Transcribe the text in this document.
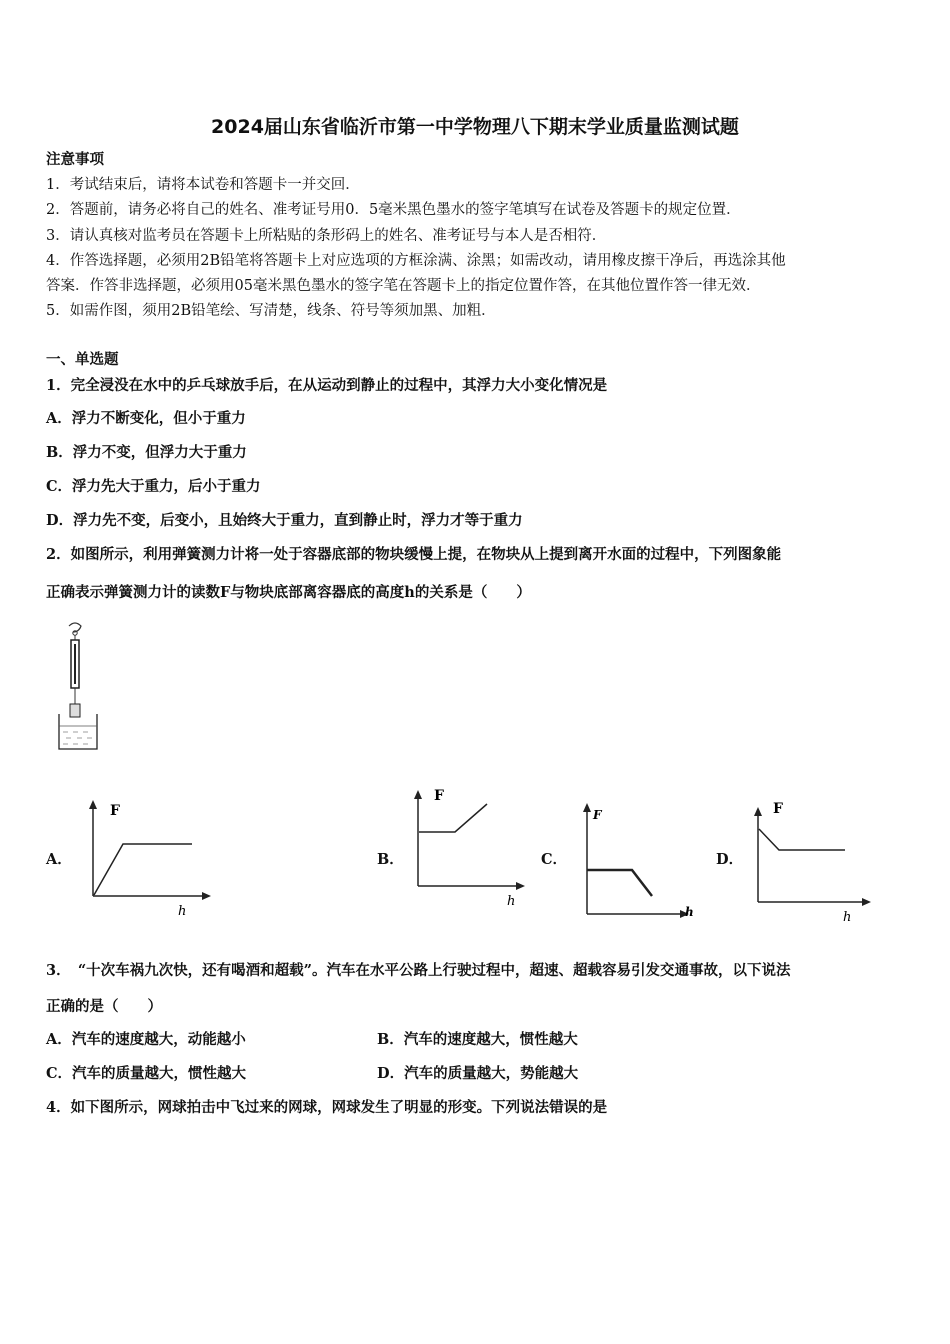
2024届山东省临沂市第一中学物理八下期末学业质量监测试题
注意事项
1．考试结束后，请将本试卷和答题卡一并交回．
2．答题前，请务必将自己的姓名、准考证号用0．5毫米黑色墨水的签字笔填写在试卷及答题卡的规定位置．
3．请认真核对监考员在答题卡上所粘贴的条形码上的姓名、准考证号与本人是否相符．
4．作答选择题，必须用2B铅笔将答题卡上对应选项的方框涂满、涂黑；如需改动，请用橡皮擦干净后，再选涂其他
答案．作答非选择题，必须用05毫米黑色墨水的签字笔在答题卡上的指定位置作答，在其他位置作答一律无效．
5．如需作图，须用2B铅笔绘、写清楚，线条、符号等须加黑、加粗．
一、单选题
1．完全浸没在水中的乒乓球放手后，在从运动到静止的过程中，其浮力大小变化情况是
A．浮力不断变化，但小于重力
B．浮力不变，但浮力大于重力
C．浮力先大于重力，后小于重力
D．浮力先不变，后变小，且始终大于重力，直到静止时，浮力才等于重力
2．如图所示，利用弹簧测力计将一处于容器底部的物块缓慢上提，在物块从上提到离开水面的过程中，下列图象能
正确表示弹簧测力计的读数F与物块底部离容器底的高度h的关系是（　　）
A．
F
h
B．
F
h
C．
F
h
D．
F
h
3．　“十次车祸九次快，还有喝酒和超载”。汽车在水平公路上行驶过程中，超速、超载容易引发交通事故，以下说法
正确的是（　　）
A．汽车的速度越大，动能越小	B．汽车的速度越大，惯性越大
C．汽车的质量越大，惯性越大	D．汽车的质量越大，势能越大
4．如下图所示，网球拍击中飞过来的网球，网球发生了明显的形变。下列说法错误的是
